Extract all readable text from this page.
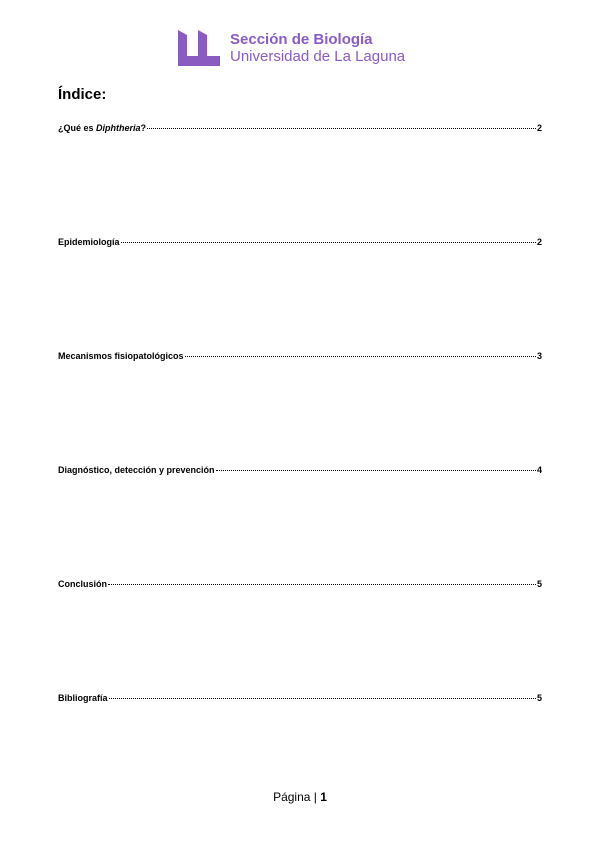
Sección de Biología
Universidad de La Laguna
Índice:
¿Qué es Diphtheria?	2
Epidemiología	2
Mecanismos fisiopatológicos	3
Diagnóstico, detección y prevención	4
Conclusión	5
Bibliografía	5
Página | 1
